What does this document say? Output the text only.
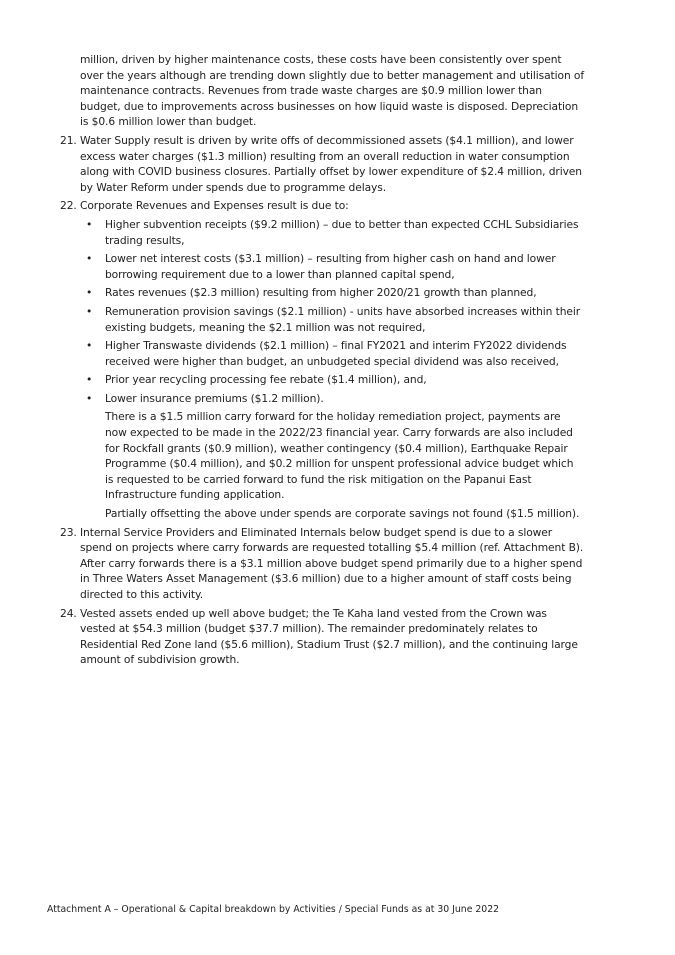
million, driven by higher maintenance costs, these costs have been consistently over spent over the years although are trending down slightly due to better management and utilisation of maintenance contracts. Revenues from trade waste charges are $0.9 million lower than budget, due to improvements across businesses on how liquid waste is disposed. Depreciation is $0.6 million lower than budget.

21. Water Supply result is driven by write offs of decommissioned assets ($4.1 million), and lower excess water charges ($1.3 million) resulting from an overall reduction in water consumption along with COVID business closures. Partially offset by lower expenditure of $2.4 million, driven by Water Reform under spends due to programme delays.

22. Corporate Revenues and Expenses result is due to:

• Higher subvention receipts ($9.2 million) – due to better than expected CCHL Subsidiaries trading results,
• Lower net interest costs ($3.1 million) – resulting from higher cash on hand and lower borrowing requirement due to a lower than planned capital spend,
• Rates revenues ($2.3 million) resulting from higher 2020/21 growth than planned,
• Remuneration provision savings ($2.1 million) - units have absorbed increases within their existing budgets, meaning the $2.1 million was not required,
• Higher Transwaste dividends ($2.1 million) – final FY2021 and interim FY2022 dividends received were higher than budget, an unbudgeted special dividend was also received,
• Prior year recycling processing fee rebate ($1.4 million), and,
• Lower insurance premiums ($1.2 million).

There is a $1.5 million carry forward for the holiday remediation project, payments are now expected to be made in the 2022/23 financial year. Carry forwards are also included for Rockfall grants ($0.9 million), weather contingency ($0.4 million), Earthquake Repair Programme ($0.4 million), and $0.2 million for unspent professional advice budget which is requested to be carried forward to fund the risk mitigation on the Papanui East Infrastructure funding application.

Partially offsetting the above under spends are corporate savings not found ($1.5 million).

23. Internal Service Providers and Eliminated Internals below budget spend is due to a slower spend on projects where carry forwards are requested totalling $5.4 million (ref. Attachment B). After carry forwards there is a $3.1 million above budget spend primarily due to a higher spend in Three Waters Asset Management ($3.6 million) due to a higher amount of staff costs being directed to this activity.

24. Vested assets ended up well above budget; the Te Kaha land vested from the Crown was vested at $54.3 million (budget $37.7 million). The remainder predominately relates to Residential Red Zone land ($5.6 million), Stadium Trust ($2.7 million), and the continuing large amount of subdivision growth.

Attachment A – Operational & Capital breakdown by Activities / Special Funds as at 30 June 2022
